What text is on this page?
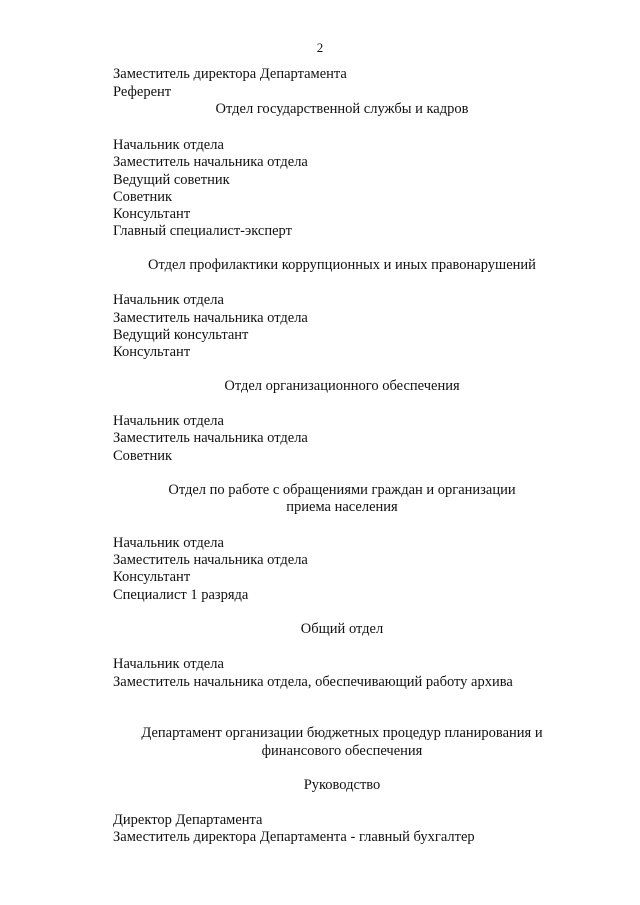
2
Заместитель директора Департамента
Референт
Отдел государственной службы и кадров
Начальник отдела
Заместитель начальника отдела
Ведущий советник
Советник
Консультант
Главный специалист-эксперт
Отдел профилактики коррупционных и иных правонарушений
Начальник отдела
Заместитель начальника отдела
Ведущий консультант
Консультант
Отдел организационного обеспечения
Начальник отдела
Заместитель начальника отдела
Советник
Отдел по работе с обращениями граждан и организации
приема населения
Начальник отдела
Заместитель начальника отдела
Консультант
Специалист 1 разряда
Общий отдел
Начальник отдела
Заместитель начальника отдела, обеспечивающий работу архива
Департамент организации бюджетных процедур планирования и
финансового обеспечения
Руководство
Директор Департамента
Заместитель директора Департамента - главный бухгалтер
